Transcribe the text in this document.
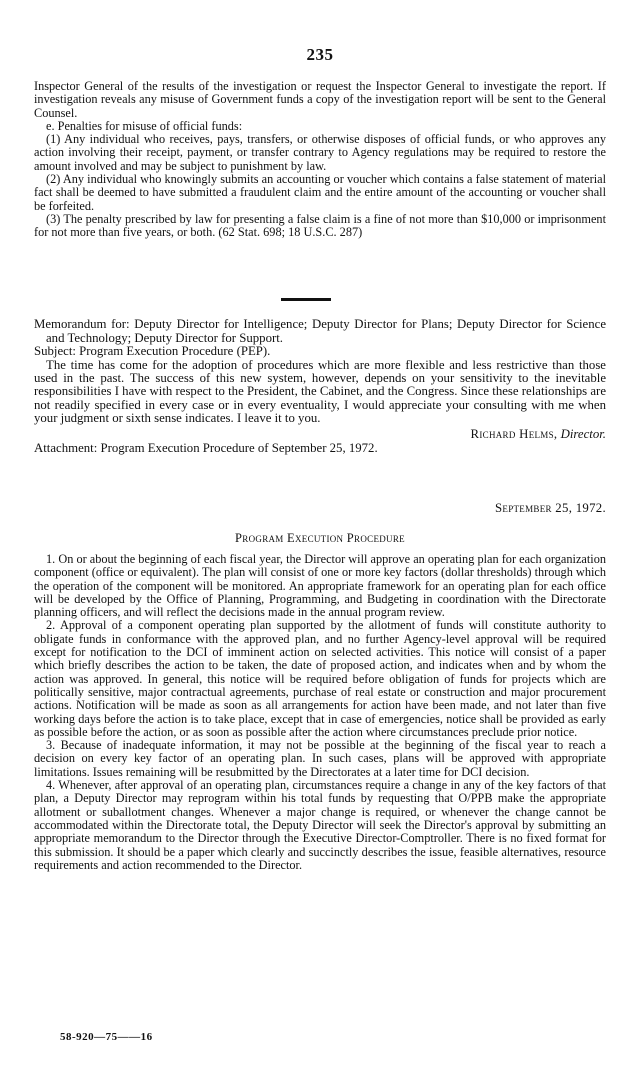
235

Inspector General of the results of the investigation or request the Inspector General to investigate the report. If investigation reveals any misuse of Government funds a copy of the investigation report will be sent to the General Counsel.

e. Penalties for misuse of official funds:

(1) Any individual who receives, pays, transfers, or otherwise disposes of official funds, or who approves any action involving their receipt, payment, or transfer contrary to Agency regulations may be required to restore the amount involved and may be subject to punishment by law.

(2) Any individual who knowingly submits an accounting or voucher which contains a false statement of material fact shall be deemed to have submitted a fraudulent claim and the entire amount of the accounting or voucher shall be forfeited.

(3) The penalty prescribed by law for presenting a false claim is a fine of not more than $10,000 or imprisonment for not more than five years, or both. (62 Stat. 698; 18 U.S.C. 287)

Memorandum for: Deputy Director for Intelligence; Deputy Director for Plans; Deputy Director for Science and Technology; Deputy Director for Support.

Subject: Program Execution Procedure (PEP).

The time has come for the adoption of procedures which are more flexible and less restrictive than those used in the past. The success of this new system, however, depends on your sensitivity to the inevitable responsibilities I have with respect to the President, the Cabinet, and the Congress. Since these relationships are not readily specified in every case or in every eventuality, I would appreciate your consulting with me when your judgment or sixth sense indicates. I leave it to you.

Richard Helms, Director.

Attachment: Program Execution Procedure of September 25, 1972.

September 25, 1972.

Program Execution Procedure

1. On or about the beginning of each fiscal year, the Director will approve an operating plan for each organization component (office or equivalent). The plan will consist of one or more key factors (dollar thresholds) through which the operation of the component will be monitored. An appropriate framework for an operating plan for each office will be developed by the Office of Planning, Programming, and Budgeting in coordination with the Directorate planning officers, and will reflect the decisions made in the annual program review.

2. Approval of a component operating plan supported by the allotment of funds will constitute authority to obligate funds in conformance with the approved plan, and no further Agency-level approval will be required except for notification to the DCI of imminent action on selected activities. This notice will consist of a paper which briefly describes the action to be taken, the date of proposed action, and indicates when and by whom the action was approved. In general, this notice will be required before obligation of funds for projects which are politically sensitive, major contractual agreements, purchase of real estate or construction and major procurement actions. Notification will be made as soon as all arrangements for action have been made, and not later than five working days before the action is to take place, except that in case of emergencies, notice shall be provided as early as possible before the action, or as soon as possible after the action where circumstances preclude prior notice.

3. Because of inadequate information, it may not be possible at the beginning of the fiscal year to reach a decision on every key factor of an operating plan. In such cases, plans will be approved with appropriate limitations. Issues remaining will be resubmitted by the Directorates at a later time for DCI decision.

4. Whenever, after approval of an operating plan, circumstances require a change in any of the key factors of that plan, a Deputy Director may reprogram within his total funds by requesting that O/PPB make the appropriate allotment or suballotment changes. Whenever a major change is required, or whenever the change cannot be accommodated within the Directorate total, the Deputy Director will seek the Director's approval by submitting an appropriate memorandum to the Director through the Executive Director-Comptroller. There is no fixed format for this submission. It should be a paper which clearly and succinctly describes the issue, feasible alternatives, resource requirements and action recommended to the Director.

58-920—75——16
